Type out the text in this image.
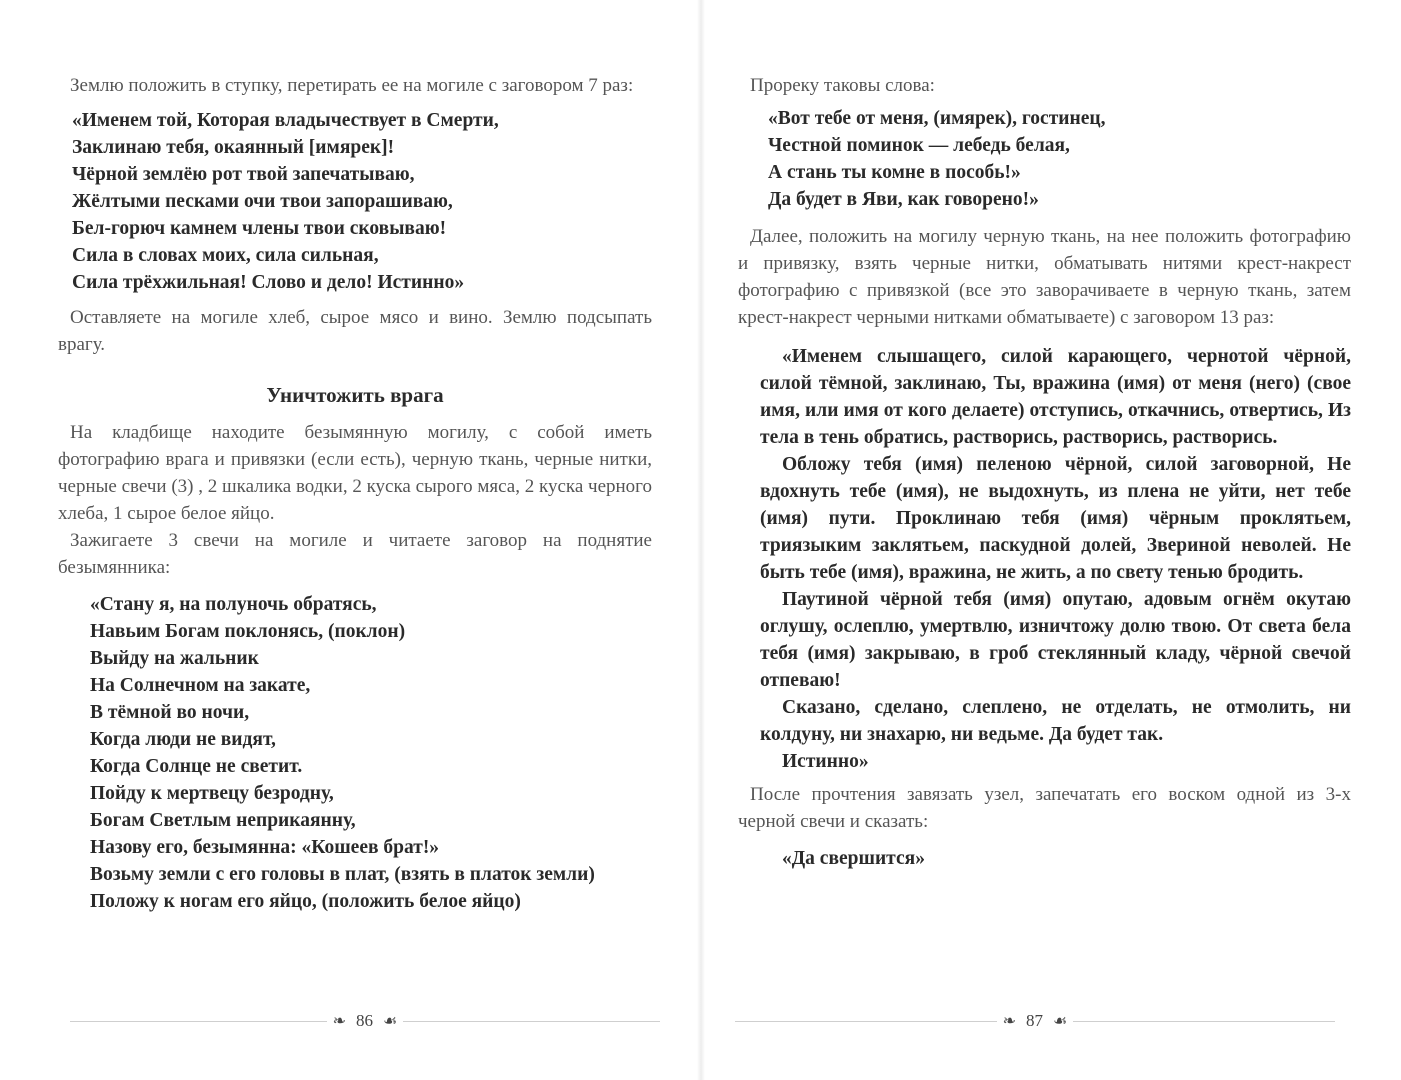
Землю положить в ступку, перетирать ее на могиле с заговором 7 раз:

«Именем той, Которая владычествует в Смерти,
Заклинаю тебя, окаянный [имярек]!
Чёрной землёю рот твой запечатываю,
Жёлтыми песками очи твои запорашиваю,
Бел-горюч камнем члены твои сковываю!
Сила в словах моих, сила сильная,
Сила трёхжильная! Слово и дело! Истинно»

Оставляете на могиле хлеб, сырое мясо и вино. Землю подсыпать врагу.

Уничтожить врага

На кладбище находите безымянную могилу, с собой иметь фотографию врага и привязки (если есть), черную ткань, черные нитки, черные свечи (3) , 2 шкалика водки, 2 куска сырого мяса, 2 куска черного хлеба, 1 сырое белое яйцо.

Зажигаете 3 свечи на могиле и читаете заговор на поднятие безымянника:

«Стану я, на полуночь обратясь,
Навьим Богам поклонясь, (поклон)
Выйду на жальник
На Солнечном на закате,
В тёмной во ночи,
Когда люди не видят,
Когда Солнце не светит.
Пойду к мертвецу безродну,
Богам Светлым неприкаянну,
Назову его, безымянна: «Кошеев брат!»
Возьму земли с его головы в плат, (взять в платок земли)
Положу к ногам его яйцо, (положить белое яйцо)

Прореку таковы слова:

«Вот тебе от меня, (имярек), гостинец,
Честной поминок — лебедь белая,
А стань ты комне в пособь!»
Да будет в Яви, как говорено!»

Далее, положить на могилу черную ткань, на нее положить фотографию и привязку, взять черные нитки, обматывать нитями крест-накрест фотографию с привязкой (все это заворачиваете в черную ткань, затем крест-накрест черными нитками обматываете) с заговором 13 раз:

«Именем слышащего, силой карающего, чернотой чёрной, силой тёмной, заклинаю, Ты, вражина (имя) от меня (него) (свое имя, или имя от кого делаете) отступись, откачнись, отвертись, Из тела в тень обратись, растворись, растворись, растворись.
Обложу тебя (имя) пеленою чёрной, силой заговорной, Не вдохнуть тебе (имя), не выдохнуть, из плена не уйти, нет тебе (имя) пути. Проклинаю тебя (имя) чёрным проклятьем, триязыким заклятьем, паскудной долей, Звериной неволей. Не быть тебе (имя), вражина, не жить, а по свету тенью бродить.
Паутиной чёрной тебя (имя) опутаю, адовым огнём окутаю оглушу, ослеплю, умертвлю, изничтожу долю твою. От света бела тебя (имя) закрываю, в гроб стеклянный кладу, чёрной свечой отпеваю!
Сказано, сделано, слеплено, не отделать, не отмолить, ни колдуну, ни знахарю, ни ведьме. Да будет так.
Истинно»

После прочтения завязать узел, запечатать его воском одной из 3-х черной свечи и сказать:

«Да свершится»
❧ 86 ☙	❧ 87 ☙
